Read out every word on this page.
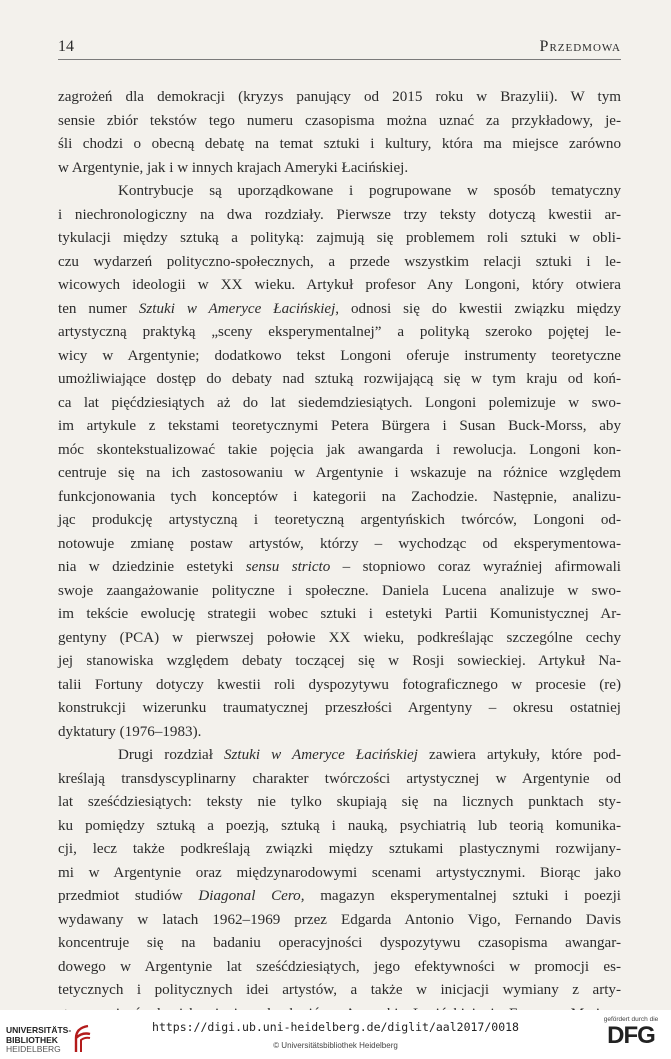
14	Przedmowa
zagrożeń dla demokracji (kryzys panujący od 2015 roku w Brazylii). W tym
sensie zbiór tekstów tego numeru czasopisma można uznać za przykładowy, je-
śli chodzi o obecną debatę na temat sztuki i kultury, która ma miejsce zarówno
w Argentynie, jak i w innych krajach Ameryki Łacińskiej.
Kontrybucje są uporządkowane i pogrupowane w sposób tematyczny
i niechronologiczny na dwa rozdziały. Pierwsze trzy teksty dotyczą kwestii ar-
tykulacji między sztuką a polityką: zajmują się problemem roli sztuki w obli-
czu wydarzeń polityczno-społecznych, a przede wszystkim relacji sztuki i le-
wicowych ideologii w XX wieku. Artykuł profesor Any Longoni, który otwiera
ten numer Sztuki w Ameryce Łacińskiej, odnosi się do kwestii związku między
artystyczną praktyką „sceny eksperymentalnej” a polityką szeroko pojętej le-
wicy w Argentynie; dodatkowo tekst Longoni oferuje instrumenty teoretyczne
umożliwiające dostęp do debaty nad sztuką rozwijającą się w tym kraju od koń-
ca lat pięćdziesiątych aż do lat siedemdziesiątych. Longoni polemizuje w swo-
im artykule z tekstami teoretycznymi Petera Bürgera i Susan Buck-Morss, aby
móc skontekstualizować takie pojęcia jak awangarda i rewolucja. Longoni kon-
centruje się na ich zastosowaniu w Argentynie i wskazuje na różnice względem
funkcjonowania tych konceptów i kategorii na Zachodzie. Następnie, analizu-
jąc produkcję artystyczną i teoretyczną argentyńskich twórców, Longoni od-
notowuje zmianę postaw artystów, którzy – wychodząc od eksperymentowa-
nia w dziedzinie estetyki sensu stricto – stopniowo coraz wyraźniej afirmowali
swoje zaangażowanie polityczne i społeczne. Daniela Lucena analizuje w swo-
im tekście ewolucję strategii wobec sztuki i estetyki Partii Komunistycznej Ar-
gentyny (PCA) w pierwszej połowie XX wieku, podkreślając szczególne cechy
jej stanowiska względem debaty toczącej się w Rosji sowieckiej. Artykuł Na-
talii Fortuny dotyczy kwestii roli dyspozytywu fotograficznego w procesie (re)
konstrukcji wizerunku traumatycznej przeszłości Argentyny – okresu ostatniej
dyktatury (1976–1983).
Drugi rozdział Sztuki w Ameryce Łacińskiej zawiera artykuły, które pod-
kreślają transdyscyplinarny charakter twórczości artystycznej w Argentynie od
lat sześćdziesiątych: teksty nie tylko skupiają się na licznych punktach sty-
ku pomiędzy sztuką a poezją, sztuką i nauką, psychiatrią lub teorią komunika-
cji, lecz także podkreślają związki między sztukami plastycznymi rozwijany-
mi w Argentynie oraz międzynarodowymi scenami artystycznymi. Biorąc jako
przedmiot studiów Diagonal Cero, magazyn eksperymentalnej sztuki i poezji
wydawany w latach 1962–1969 przez Edgarda Antonio Vigo, Fernando Davis
koncentruje się na badaniu operacyjności dyspozytywu czasopisma awangar-
dowego w Argentynie lat sześćdziesiątych, jego efektywności w promocji es-
tetycznych i politycznych idei artystów, a także w inicjacji wymiany z arty-
UNIVERSITÄTS-
BIBLIOTHEK
HEIDELBERG
https://digi.ub.uni-heidelberg.de/diglit/aal2017/0018
© Universitätsbibliothek Heidelberg
gefördert durch die
DFG
